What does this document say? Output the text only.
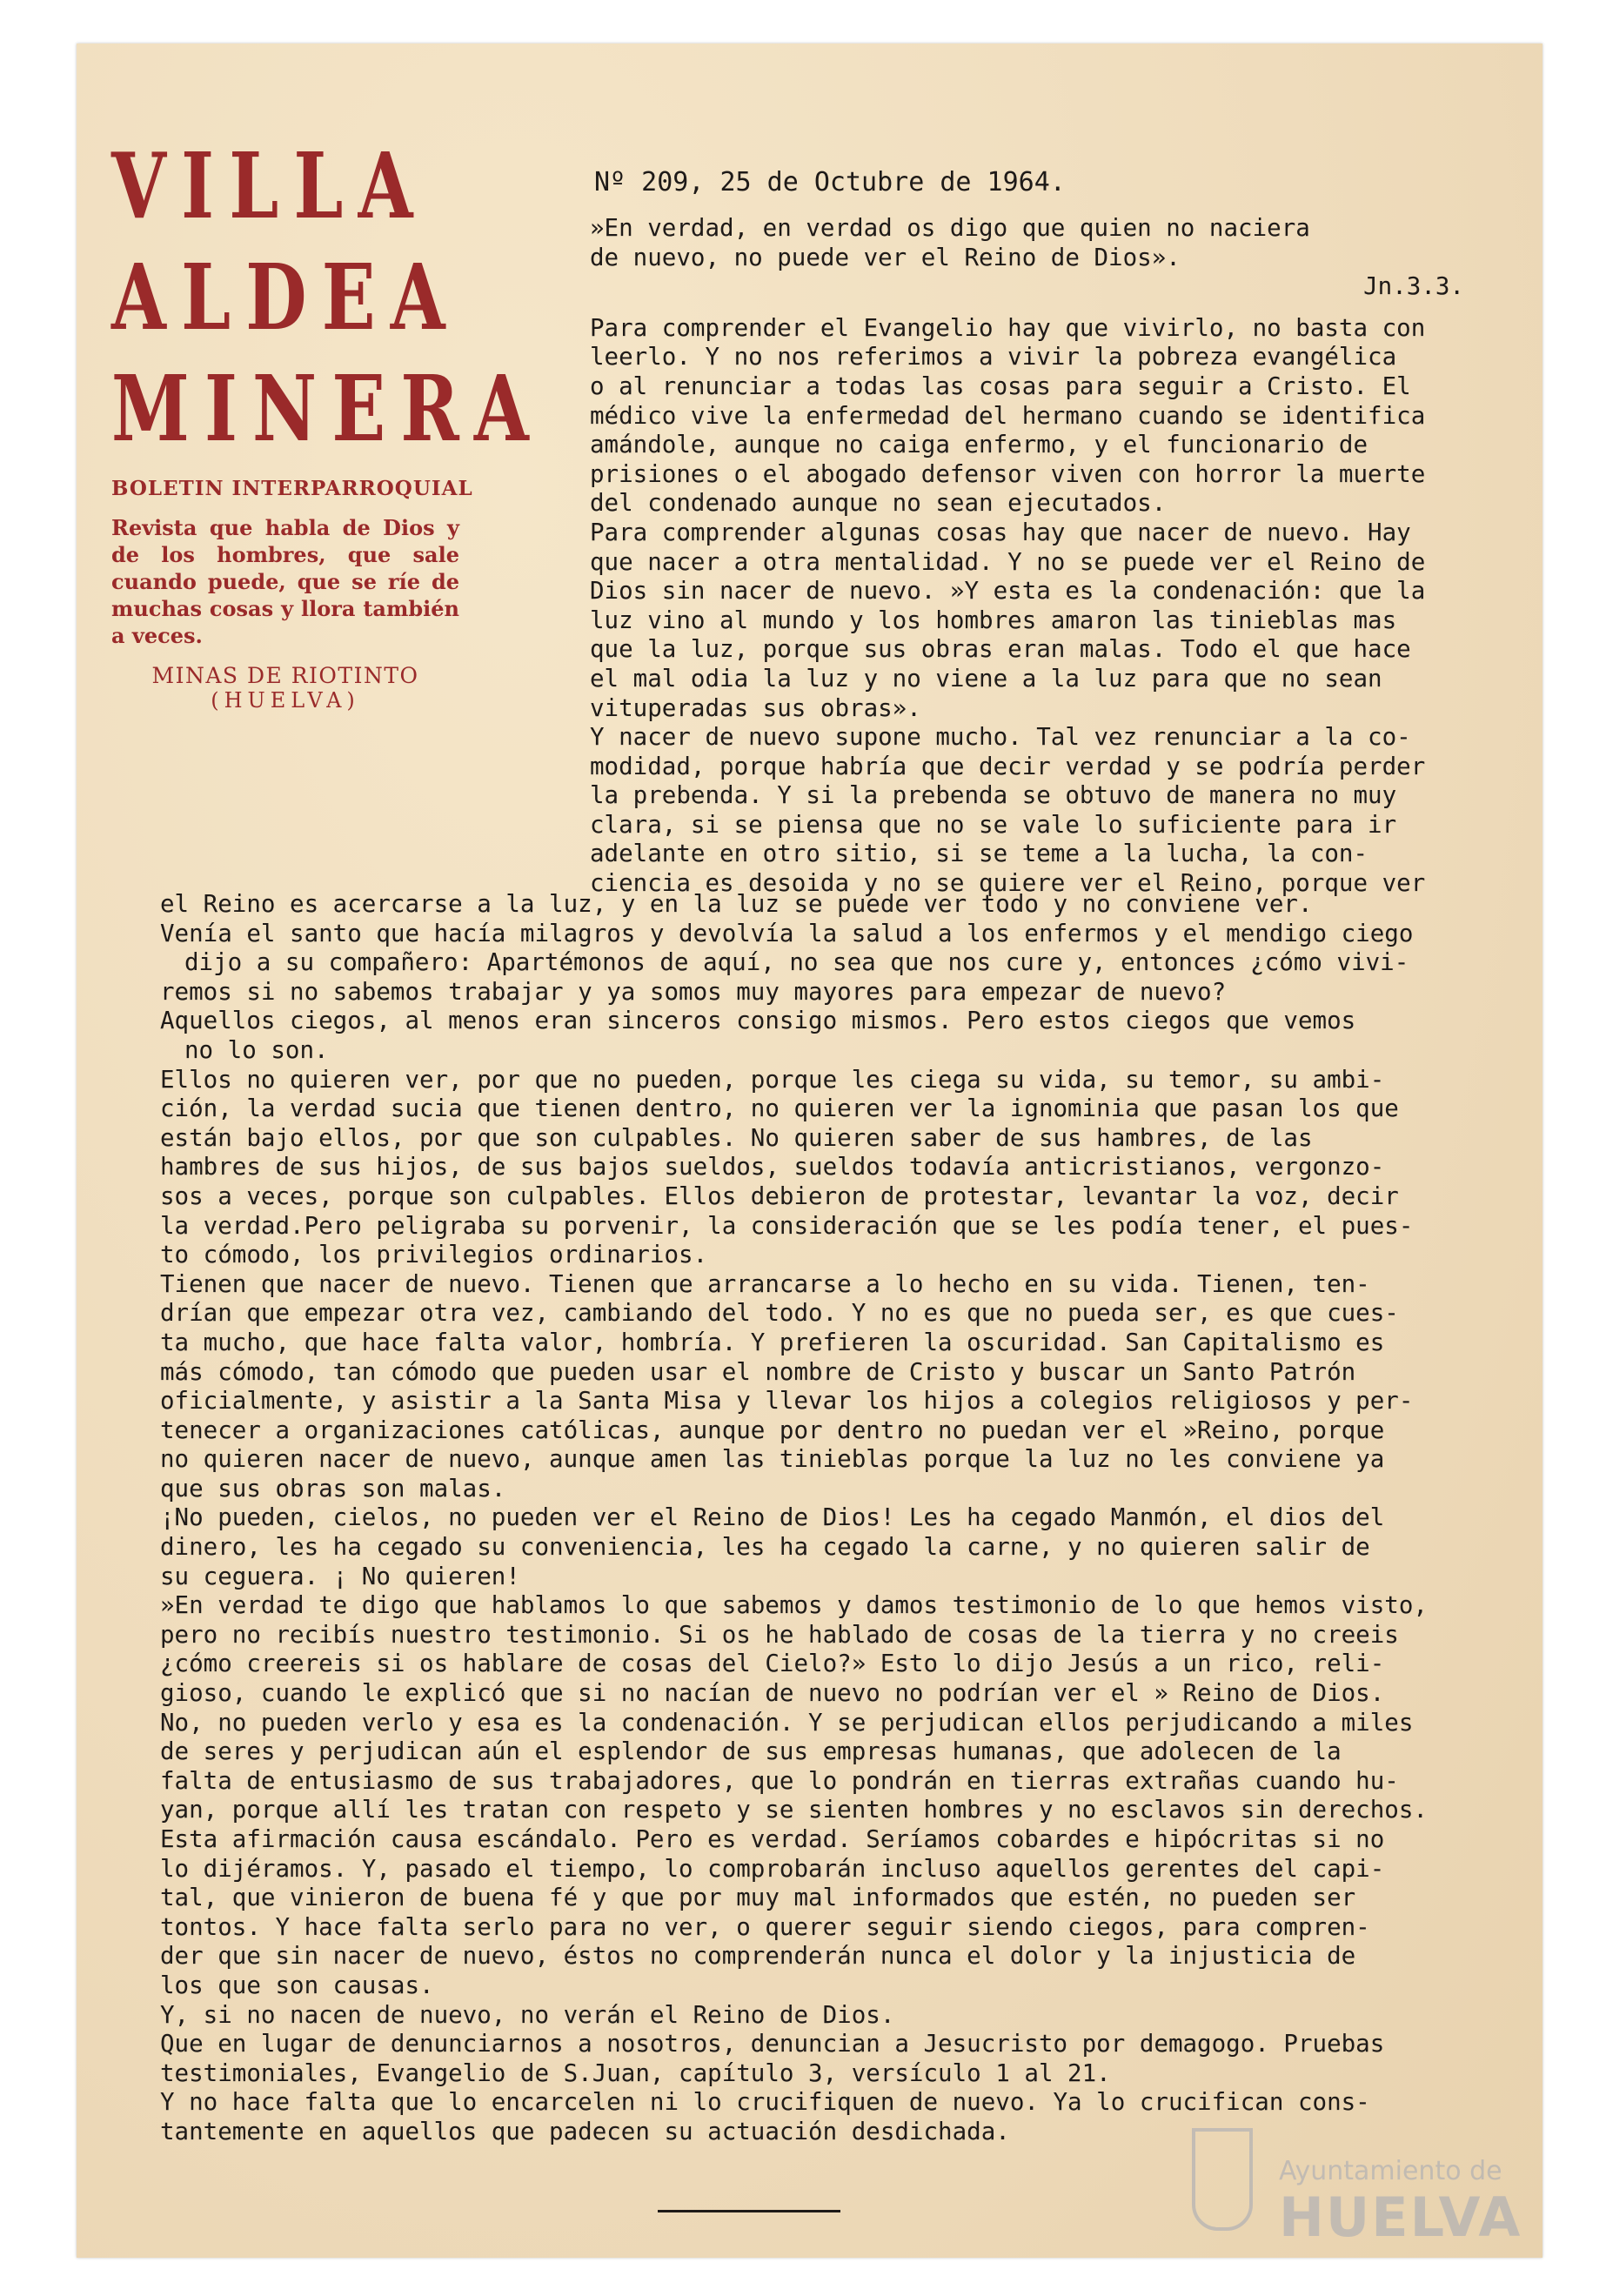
VILLA
ALDEA
MINERA
BOLETIN INTERPARROQUIAL
Revista que habla de Dios y de los hombres, que sale cuando puede, que se ríe de muchas cosas y llora también a veces.
MINAS DE RIOTINTO
(HUELVA)
Nº 209, 25 de Octubre de 1964.
»En verdad, en verdad os digo que quien no naciera
de nuevo, no puede ver el Reino de Dios».
Jn.3.3.
Para comprender el Evangelio hay que vivirlo, no basta con
leerlo. Y no nos referimos a vivir la pobreza evangélica
o al renunciar a todas las cosas para seguir a Cristo. El
médico vive la enfermedad del hermano cuando se identifica
amándole, aunque no caiga enfermo, y el funcionario de
prisiones o el abogado defensor viven con horror la muerte
del condenado aunque no sean ejecutados.
Para comprender algunas cosas hay que nacer de nuevo. Hay
que nacer a otra mentalidad. Y no se puede ver el Reino de
Dios sin nacer de nuevo. »Y esta es la condenación: que la
luz vino al mundo y los hombres amaron las tinieblas mas
que la luz, porque sus obras eran malas. Todo el que hace
el mal odia la luz y no viene a la luz para que no sean
vituperadas sus obras».
Y nacer de nuevo supone mucho. Tal vez renunciar a la co-
modidad, porque habría que decir verdad y se podría perder
la prebenda. Y si la prebenda se obtuvo de manera no muy
clara, si se piensa que no se vale lo suficiente para ir
adelante en otro sitio, si se teme a la lucha, la con-
ciencia es desoida y no se quiere ver el Reino, porque ver
el Reino es acercarse a la luz, y en la luz se puede ver todo y no conviene ver.
Venía el santo que hacía milagros y devolvía la salud a los enfermos y el mendigo ciego
dijo a su compañero: Apartémonos de aquí, no sea que nos cure y, entonces ¿cómo vivi-
remos si no sabemos trabajar y ya somos muy mayores para empezar de nuevo?
Aquellos ciegos, al menos eran sinceros consigo mismos. Pero estos ciegos que vemos
no lo son.
Ellos no quieren ver, por que no pueden, porque les ciega su vida, su temor, su ambi-
ción, la verdad sucia que tienen dentro, no quieren ver la ignominia que pasan los que
están bajo ellos, por que son culpables. No quieren saber de sus hambres, de las
hambres de sus hijos, de sus bajos sueldos, sueldos todavía anticristianos, vergonzo-
sos a veces, porque son culpables. Ellos debieron de protestar, levantar la voz, decir
la verdad.Pero peligraba su porvenir, la consideración que se les podía tener, el pues-
to cómodo, los privilegios ordinarios.
Tienen que nacer de nuevo. Tienen que arrancarse a lo hecho en su vida. Tienen, ten-
drían que empezar otra vez, cambiando del todo. Y no es que no pueda ser, es que cues-
ta mucho, que hace falta valor, hombría. Y prefieren la oscuridad. San Capitalismo es
más cómodo, tan cómodo que pueden usar el nombre de Cristo y buscar un Santo Patrón
oficialmente, y asistir a la Santa Misa y llevar los hijos a colegios religiosos y per-
tenecer a organizaciones católicas, aunque por dentro no puedan ver el »Reino, porque
no quieren nacer de nuevo, aunque amen las tinieblas porque la luz no les conviene ya
que sus obras son malas.
¡No pueden, cielos, no pueden ver el Reino de Dios! Les ha cegado Manmón, el dios del
dinero, les ha cegado su conveniencia, les ha cegado la carne, y no quieren salir de
su ceguera. ¡ No quieren!
»En verdad te digo que hablamos lo que sabemos y damos testimonio de lo que hemos visto,
pero no recibís nuestro testimonio. Si os he hablado de cosas de la tierra y no creeis
¿cómo creereis si os hablare de cosas del Cielo?» Esto lo dijo Jesús a un rico, reli-
gioso, cuando le explicó que si no nacían de nuevo no podrían ver el » Reino de Dios.
No, no pueden verlo y esa es la condenación. Y se perjudican ellos perjudicando a miles
de seres y perjudican aún el esplendor de sus empresas humanas, que adolecen de la
falta de entusiasmo de sus trabajadores, que lo pondrán en tierras extrañas cuando hu-
yan, porque allí les tratan con respeto y se sienten hombres y no esclavos sin derechos.
Esta afirmación causa escándalo. Pero es verdad. Seríamos cobardes e hipócritas si no
lo dijéramos. Y, pasado el tiempo, lo comprobarán incluso aquellos gerentes del capi-
tal, que vinieron de buena fé y que por muy mal informados que estén, no pueden ser
tontos. Y hace falta serlo para no ver, o querer seguir siendo ciegos, para compren-
der que sin nacer de nuevo, éstos no comprenderán nunca el dolor y la injusticia de
los que son causas.
Y, si no nacen de nuevo, no verán el Reino de Dios.
Que en lugar de denunciarnos a nosotros, denuncian a Jesucristo por demagogo. Pruebas
testimoniales, Evangelio de S.Juan, capítulo 3, versículo 1 al 21.
Y no hace falta que lo encarcelen ni lo crucifiquen de nuevo. Ya lo crucifican cons-
tantemente en aquellos que padecen su actuación desdichada.
Ayuntamiento de
HUELVA
